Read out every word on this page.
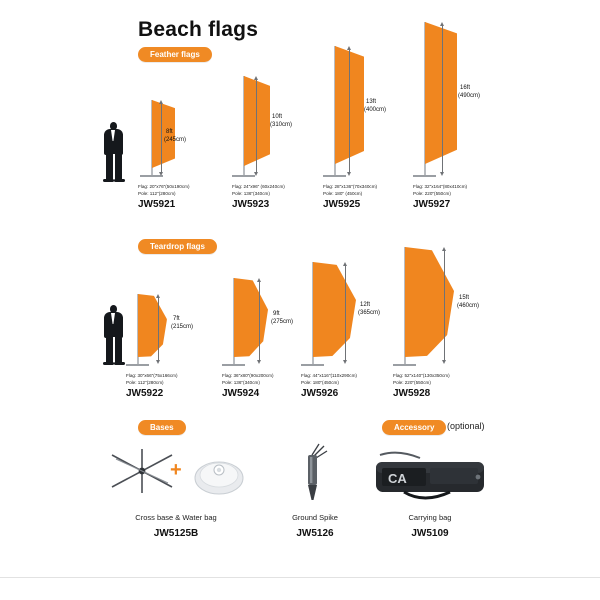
Beach flags
Feather flags
8ft
(245cm)
Flag: 20"x76"(50x190cm)
Pole: 112"(280cm)
JW5921
10ft
(310cm)
Flag: 24"x96" (60x240cm)
Pole: 136"(340cm)
JW5923
13ft
(400cm)
Flag: 28"x136"(70x340cm)
Pole: 180" (450cm)
JW5925
16ft
(490cm)
Flag: 32"x164"(80x410cm)
Pole: 220"(550cm)
JW5927
Teardrop flags
7ft
(215cm)
Flag: 30"x66"(75x166cm)
Pole: 112"(280cm)
JW5922
9ft
(275cm)
Flag: 36"x80"(90x200cm)
Pole: 136"(340cm)
JW5924
12ft
(365cm)
Flag: 44"x116"(110x290cm)
Pole: 180"(450cm)
JW5926
15ft
(460cm)
Flag: 52"x140"(130x350cm)
Pole: 220"(550cm)
JW5928
Bases	Accessory	(optional)
+
Cross base & Water bag
JW5125B
Ground Spike
JW5126
CA
Carrying bag
JW5109
